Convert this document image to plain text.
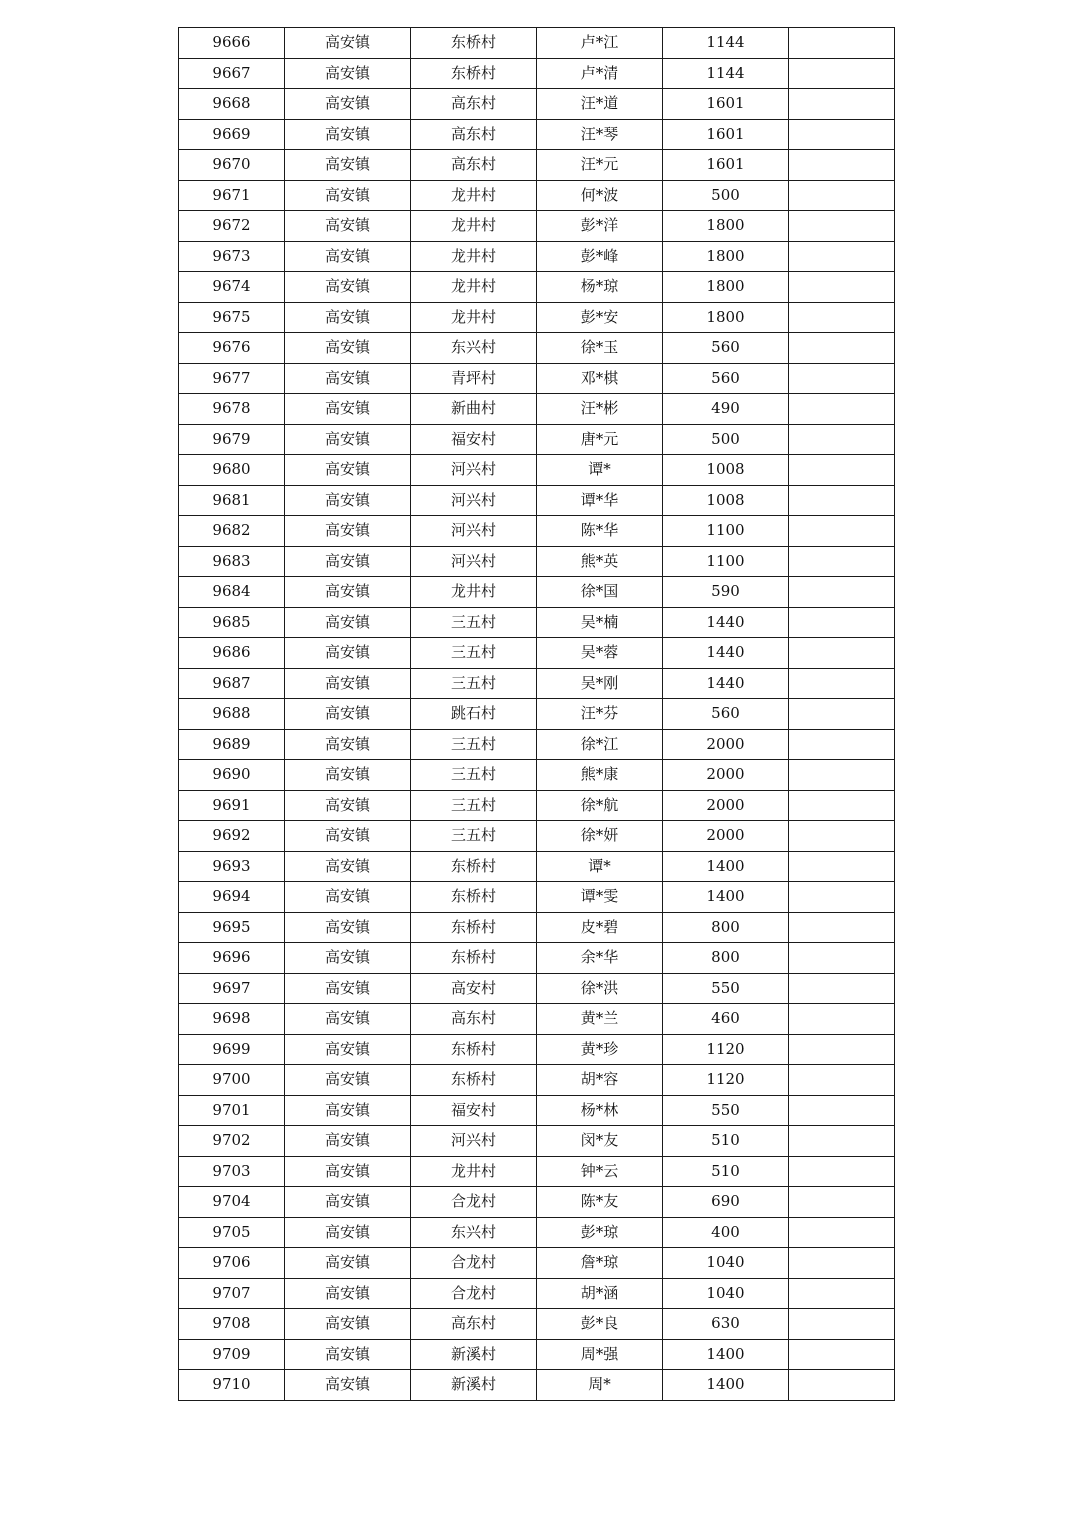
9666	高安镇	东桥村	卢*江	1144	
9667	高安镇	东桥村	卢*清	1144	
9668	高安镇	高东村	汪*道	1601	
9669	高安镇	高东村	汪*琴	1601	
9670	高安镇	高东村	汪*元	1601	
9671	高安镇	龙井村	何*波	500	
9672	高安镇	龙井村	彭*洋	1800	
9673	高安镇	龙井村	彭*峰	1800	
9674	高安镇	龙井村	杨*琼	1800	
9675	高安镇	龙井村	彭*安	1800	
9676	高安镇	东兴村	徐*玉	560	
9677	高安镇	青坪村	邓*棋	560	
9678	高安镇	新曲村	汪*彬	490	
9679	高安镇	福安村	唐*元	500	
9680	高安镇	河兴村	谭*	1008	
9681	高安镇	河兴村	谭*华	1008	
9682	高安镇	河兴村	陈*华	1100	
9683	高安镇	河兴村	熊*英	1100	
9684	高安镇	龙井村	徐*国	590	
9685	高安镇	三五村	吴*楠	1440	
9686	高安镇	三五村	吴*蓉	1440	
9687	高安镇	三五村	吴*刚	1440	
9688	高安镇	跳石村	汪*芬	560	
9689	高安镇	三五村	徐*江	2000	
9690	高安镇	三五村	熊*康	2000	
9691	高安镇	三五村	徐*航	2000	
9692	高安镇	三五村	徐*妍	2000	
9693	高安镇	东桥村	谭*	1400	
9694	高安镇	东桥村	谭*雯	1400	
9695	高安镇	东桥村	皮*碧	800	
9696	高安镇	东桥村	余*华	800	
9697	高安镇	高安村	徐*洪	550	
9698	高安镇	高东村	黄*兰	460	
9699	高安镇	东桥村	黄*珍	1120	
9700	高安镇	东桥村	胡*容	1120	
9701	高安镇	福安村	杨*林	550	
9702	高安镇	河兴村	闵*友	510	
9703	高安镇	龙井村	钟*云	510	
9704	高安镇	合龙村	陈*友	690	
9705	高安镇	东兴村	彭*琼	400	
9706	高安镇	合龙村	詹*琼	1040	
9707	高安镇	合龙村	胡*涵	1040	
9708	高安镇	高东村	彭*良	630	
9709	高安镇	新溪村	周*强	1400	
9710	高安镇	新溪村	周*	1400	
